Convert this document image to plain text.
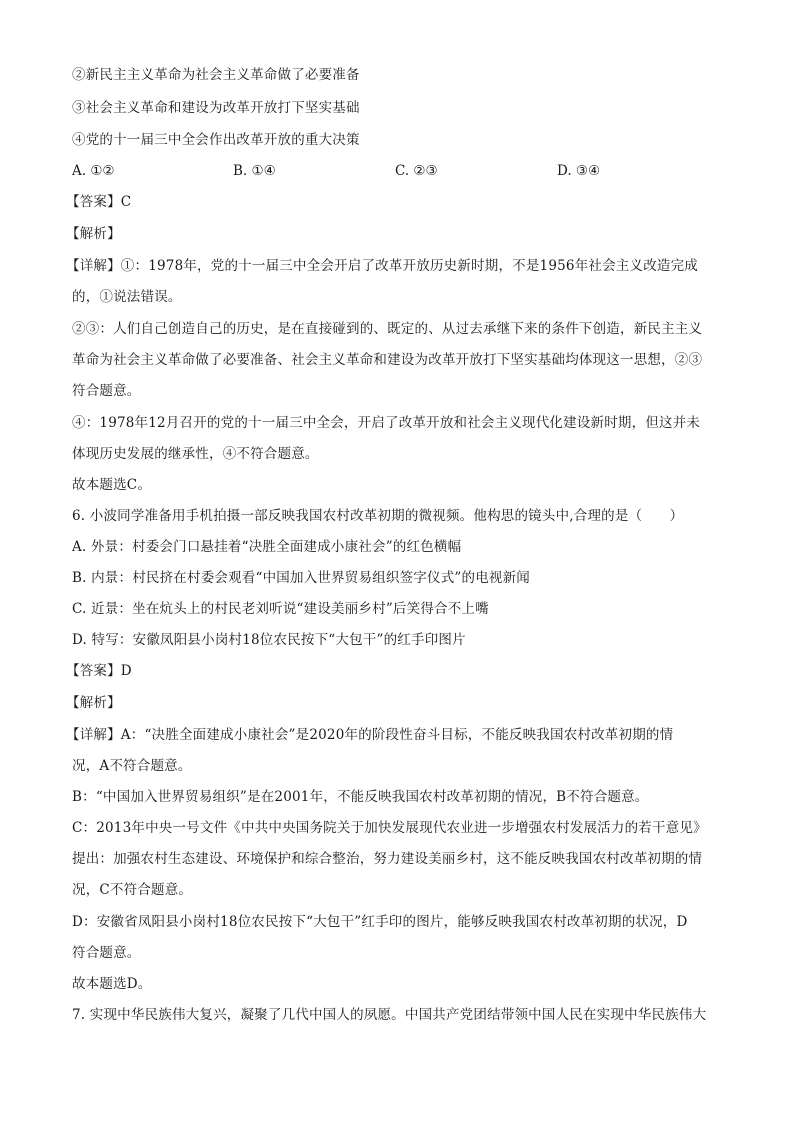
②新民主主义革命为社会主义革命做了必要准备
③社会主义革命和建设为改革开放打下坚实基础
④党的十一届三中全会作出改革开放的重大决策
A. ①②	B. ①④	C. ②③	D. ③④
【答案】C
【解析】
【详解】①：1978年，党的十一届三中全会开启了改革开放历史新时期，不是1956年社会主义改造完成
的，①说法错误。
②③：人们自己创造自己的历史，是在直接碰到的、既定的、从过去承继下来的条件下创造，新民主主义
革命为社会主义革命做了必要准备、社会主义革命和建设为改革开放打下坚实基础均体现这一思想，②③
符合题意。
④：1978年12月召开的党的十一届三中全会，开启了改革开放和社会主义现代化建设新时期，但这并未
体现历史发展的继承性，④不符合题意。
故本题选C。
6. 小波同学准备用手机拍摄一部反映我国农村改革初期的微视频。他构思的镜头中,合理的是（　　）
A. 外景：村委会门口悬挂着“决胜全面建成小康社会”的红色横幅
B. 内景：村民挤在村委会观看“中国加入世界贸易组织签字仪式”的电视新闻
C. 近景：坐在炕头上的村民老刘听说“建设美丽乡村”后笑得合不上嘴
D. 特写：安徽凤阳县小岗村18位农民按下“大包干”的红手印图片
【答案】D
【解析】
【详解】A：“决胜全面建成小康社会”是2020年的阶段性奋斗目标，不能反映我国农村改革初期的情
况，A不符合题意。
B：“中国加入世界贸易组织”是在2001年，不能反映我国农村改革初期的情况，B不符合题意。
C：2013年中央一号文件《中共中央国务院关于加快发展现代农业进一步增强农村发展活力的若干意见》
提出：加强农村生态建设、环境保护和综合整治，努力建设美丽乡村，这不能反映我国农村改革初期的情
况，C不符合题意。
D：安徽省凤阳县小岗村18位农民按下“大包干”红手印的图片，能够反映我国农村改革初期的状况，D
符合题意。
故本题选D。
7. 实现中华民族伟大复兴，凝聚了几代中国人的夙愿。中国共产党团结带领中国人民在实现中华民族伟大
